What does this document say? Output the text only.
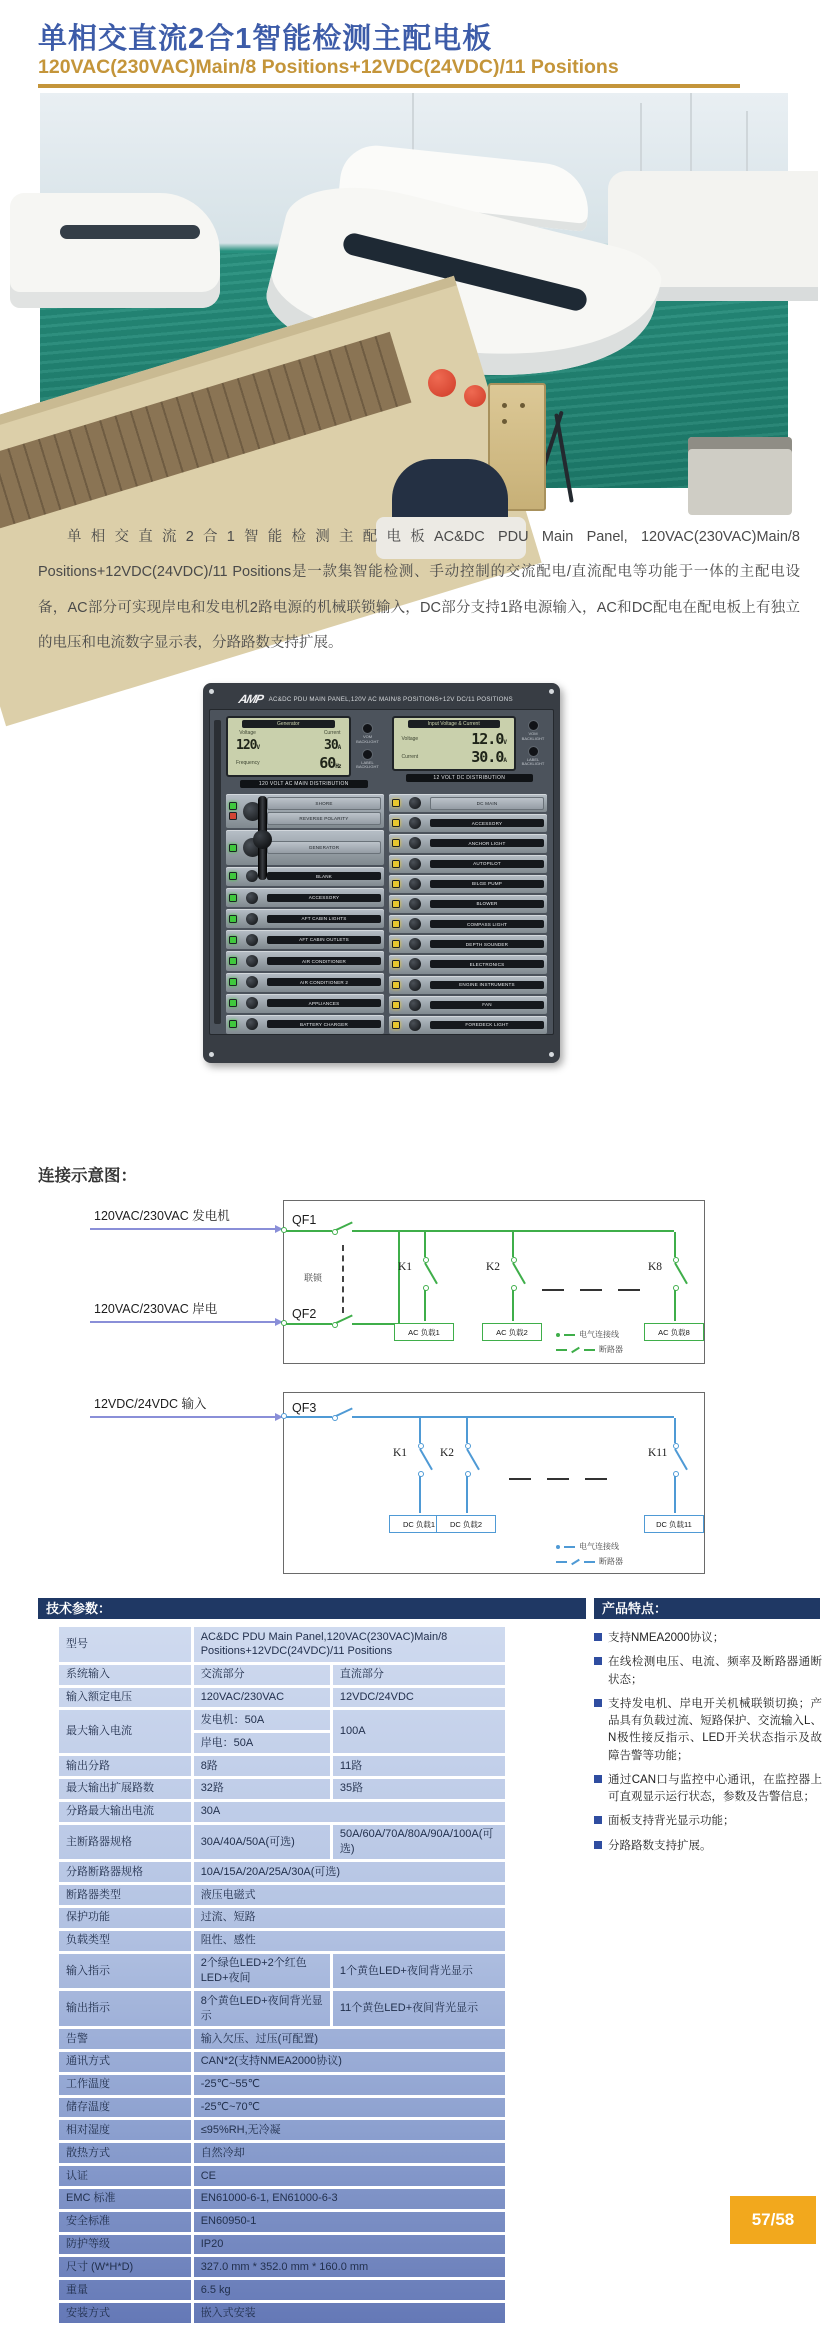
单相交直流2合1智能检测主配电板
120VAC(230VAC)Main/8 Positions+12VDC(24VDC)/11 Positions

单相交直流2合1智能检测主配电板AC&DC PDU Main Panel, 120VAC(230VAC)Main/8 Positions+12VDC(24VDC)/11 Positions是一款集智能检测、手动控制的交流配电/直流配电等功能于一体的主配电设备，AC部分可实现岸电和发电机2路电源的机械联锁输入，DC部分支持1路电源输入，AC和DC配电在配电板上有独立的电压和电流数字显示表，分路路数支持扩展。

AMP AC&DC PDU MAIN PANEL,120V AC MAIN/8 POSITIONS+12V DC/11 POSITIONS
Generator
Voltage
120V
Current
30A
Frequency	60Hz
VOM BACKLIGHT
LABEL BACKLIGHT
120 VOLT AC MAIN DISTRIBUTION
Input Voltage & Current
Voltage	12.0V
Current	30.0A
VOM BACKLIGHT
LABEL BACKLIGHT
12 VOLT DC DISTRIBUTION
SHORE
REVERSE POLARITY
GENERATOR
BLANK
ACCESSORY
AFT CABIN LIGHTS
AFT CABIN OUTLETS
AIR CONDITIONER
AIR CONDITIONER 2
APPLIANCES
BATTERY CHARGER
DC MAIN
ACCESSORY
ANCHOR LIGHT
AUTOPILOT
BILGE PUMP
BLOWER
COMPASS LIGHT
DEPTH SOUNDER
ELECTRONICS
ENGINE INSTRUMENTS
FAN
FOREDECK LIGHT
连接示意图：
120VAC/230VAC 发电机
120VAC/230VAC 岸电
QF1
QF2
联锁
K1
AC 负载1
K2
AC 负载2
K8
AC 负载8
电气连接线
断路器
12VDC/24VDC 输入	QF3
K1
DC 负载1
K2
DC 负载2
K11
DC 负载11
电气连接线
断路器
技术参数：
型号	AC&DC PDU Main Panel,120VAC(230VAC)Main/8 Positions+12VDC(24VDC)/11 Positions	
系统输入	交流部分	直流部分
输入额定电压	120VAC/230VAC	12VDC/24VDC
最大输入电流	发电机：50A
岸电：50A	100A
输出分路	8路	11路
最大输出扩展路数	32路	35路
分路最大输出电流	30A	
主断路器规格	30A/40A/50A(可选)	50A/60A/70A/80A/90A/100A(可选)
分路断路器规格	10A/15A/20A/25A/30A(可选)	
断路器类型	液压电磁式	
保护功能	过流、短路	
负载类型	阻性、感性	
输入指示	2个绿色LED+2个红色LED+夜间	1个黄色LED+夜间背光显示
输出指示	8个黄色LED+夜间背光显示	11个黄色LED+夜间背光显示
告警	输入欠压、过压(可配置)	
通讯方式	CAN*2(支持NMEA2000协议)	
工作温度	-25℃~55℃	
储存温度	-25℃~70℃	
相对湿度	≤95%RH,无冷凝	
散热方式	自然冷却	
认证	CE	
EMC 标准	EN61000-6-1, EN61000-6-3	
安全标准	EN60950-1	
防护等级	IP20	
尺寸 (W*H*D)	327.0 mm * 352.0 mm * 160.0 mm	
重量	6.5 kg	
安装方式	嵌入式安装	
产品特点：
支持NMEA2000协议；
在线检测电压、电流、频率及断路器通断状态；
支持发电机、岸电开关机械联锁切换；产品具有负载过流、短路保护、交流输入L、N极性接反指示、LED开关状态指示及故障告警等功能；
通过CAN口与监控中心通讯，在监控器上可直观显示运行状态，参数及告警信息；
面板支持背光显示功能；
分路路数支持扩展。
57/58
